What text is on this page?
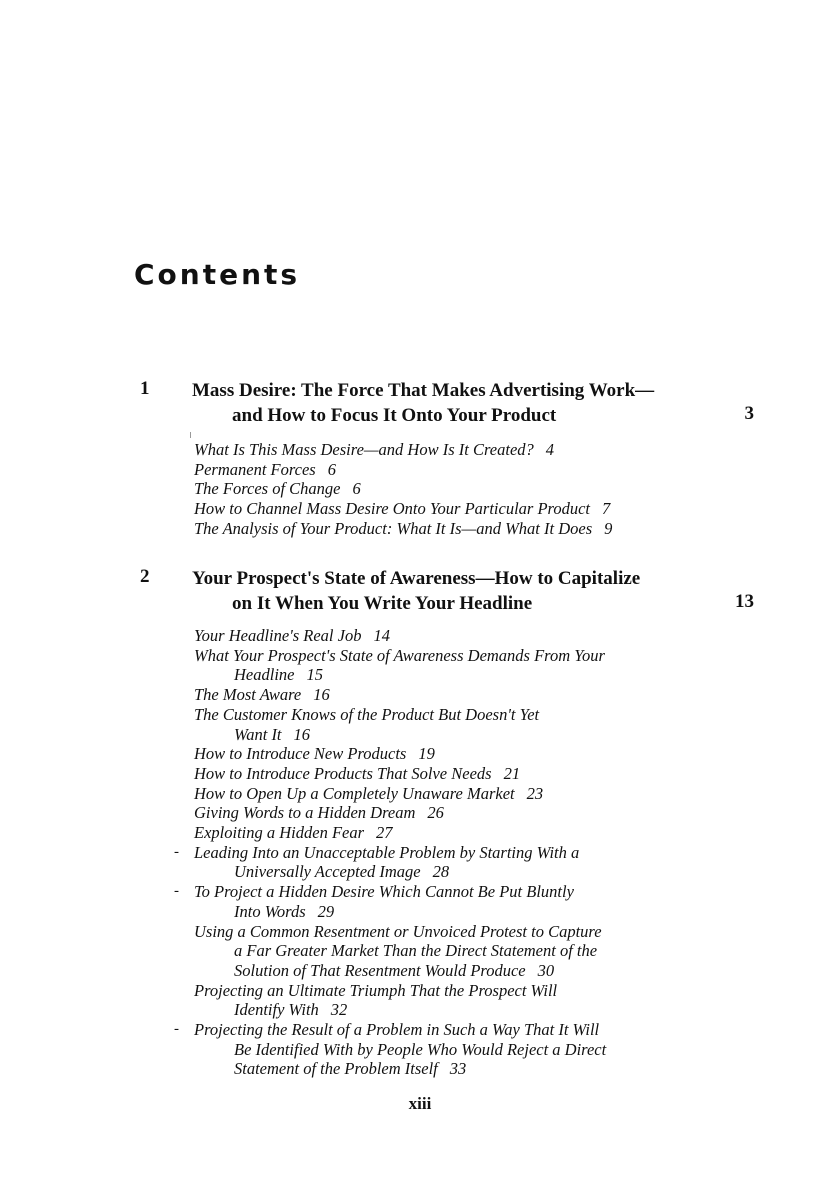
Contents
1 Mass Desire: The Force That Makes Advertising Work—
and How to Focus It Onto Your Product	3
What Is This Mass Desire—and How Is It Created? 4
Permanent Forces 6
The Forces of Change 6
How to Channel Mass Desire Onto Your Particular Product 7
The Analysis of Your Product: What It Is—and What It Does 9
2 Your Prospect's State of Awareness—How to Capitalize
on It When You Write Your Headline	13
Your Headline's Real Job 14
What Your Prospect's State of Awareness Demands From Your
Headline 15
The Most Aware 16
The Customer Knows of the Product But Doesn't Yet
Want It 16
How to Introduce New Products 19
How to Introduce Products That Solve Needs 21
How to Open Up a Completely Unaware Market 23
Giving Words to a Hidden Dream 26
Exploiting a Hidden Fear 27
- Leading Into an Unacceptable Problem by Starting With a
Universally Accepted Image 28
- To Project a Hidden Desire Which Cannot Be Put Bluntly
Into Words 29
Using a Common Resentment or Unvoiced Protest to Capture
a Far Greater Market Than the Direct Statement of the
Solution of That Resentment Would Produce 30
Projecting an Ultimate Triumph That the Prospect Will
Identify With 32
- Projecting the Result of a Problem in Such a Way That It Will
Be Identified With by People Who Would Reject a Direct
Statement of the Problem Itself 33
xiii
